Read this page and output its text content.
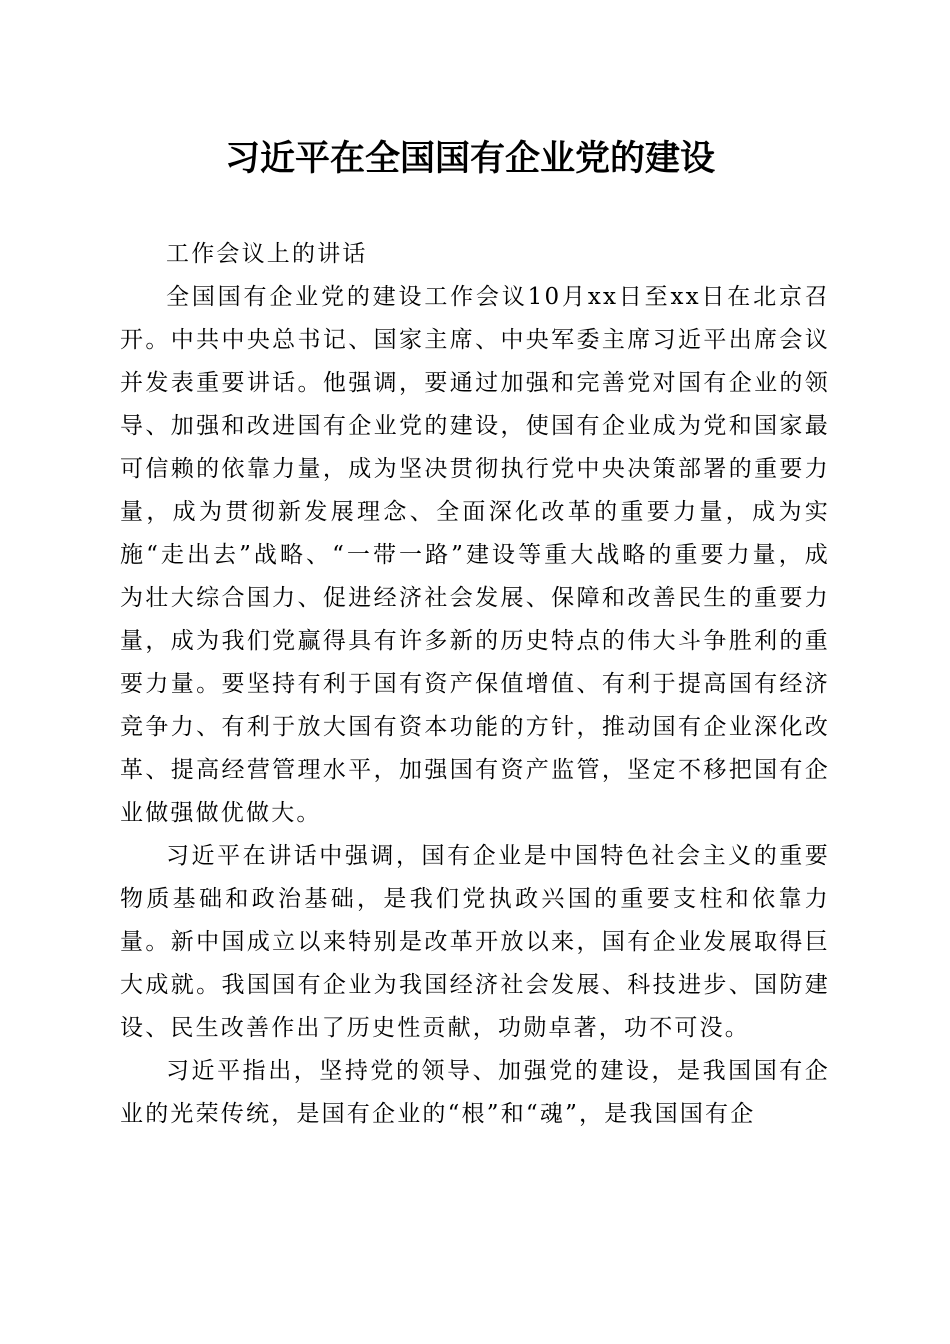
习近平在全国国有企业党的建设

工作会议上的讲话

全国国有企业党的建设工作会议10月xx日至xx日在北京召开。中共中央总书记、国家主席、中央军委主席习近平出席会议并发表重要讲话。他强调，要通过加强和完善党对国有企业的领导、加强和改进国有企业党的建设，使国有企业成为党和国家最可信赖的依靠力量，成为坚决贯彻执行党中央决策部署的重要力量，成为贯彻新发展理念、全面深化改革的重要力量，成为实施“走出去”战略、“一带一路”建设等重大战略的重要力量，成为壮大综合国力、促进经济社会发展、保障和改善民生的重要力量，成为我们党赢得具有许多新的历史特点的伟大斗争胜利的重要力量。要坚持有利于国有资产保值增值、有利于提高国有经济竞争力、有利于放大国有资本功能的方针，推动国有企业深化改革、提高经营管理水平，加强国有资产监管，坚定不移把国有企业做强做优做大。

习近平在讲话中强调，国有企业是中国特色社会主义的重要物质基础和政治基础，是我们党执政兴国的重要支柱和依靠力量。新中国成立以来特别是改革开放以来，国有企业发展取得巨大成就。我国国有企业为我国经济社会发展、科技进步、国防建设、民生改善作出了历史性贡献，功勋卓著，功不可没。

习近平指出，坚持党的领导、加强党的建设，是我国国有企业的光荣传统，是国有企业的“根”和“魂”，是我国国有企
